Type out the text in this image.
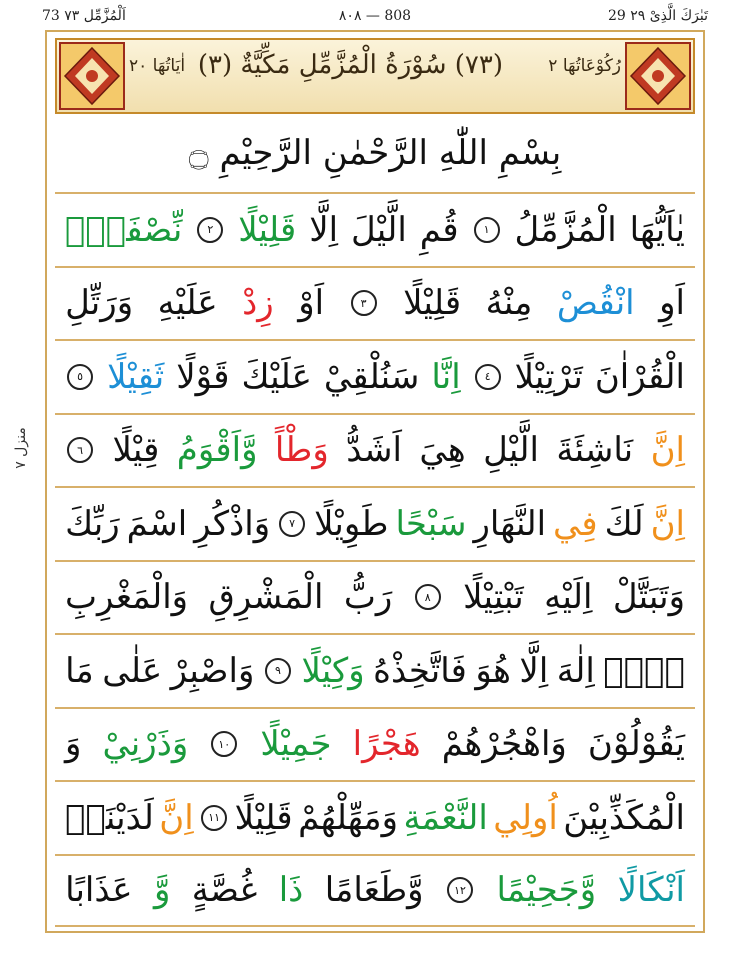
73 اَلْمُزَّمِّل ٧٣	٨٠٨ — 808	29 تَبٰرَكَ الَّذِیْ ٢٩
منزل ٧
اٰیَاتُهَا ٢٠ (٧٣) سُوْرَةُ الْمُزَّمِّلِ مَكِّیَّةٌ (٣)	رُكُوْعَاتُهَا ٢
بِسْمِ اللّٰهِ الرَّحْمٰنِ الرَّحِیْمِ ۝
يٰاَيُّهَا
الْمُزَّمِّلُ
١
قُمِ
الَّيْلَ
اِلَّا
قَلِيْلًا
٢
نِّصْفَهٗۤ
اَوِ
انْقُصْ
مِنْهُ
قَلِيْلًا
٣
اَوْ
زِدْ
عَلَيْهِ
وَرَتِّلِ
الْقُرْاٰنَ
تَرْتِيْلًا
٤
اِنَّا
سَنُلْقِيْ
عَلَيْكَ
قَوْلًا
ثَقِيْلًا
٥
اِنَّ
نَاشِئَةَ
الَّيْلِ
هِيَ
اَشَدُّ
وَطْاً
وَّاَقْوَمُ
قِيْلًا
٦
اِنَّ
لَكَ
فِي
النَّهَارِ
سَبْحًا
طَوِيْلًا
٧
وَاذْكُرِ
اسْمَ
رَبِّكَ
وَتَبَتَّلْ
اِلَيْهِ
تَبْتِيْلًا
٨
رَبُّ
الْمَشْرِقِ
وَالْمَغْرِبِ
لَاۤ
اِلٰهَ
اِلَّا
هُوَ
فَاتَّخِذْهُ
وَكِيْلًا
٩
وَاصْبِرْ
عَلٰى
مَا
يَقُوْلُوْنَ
وَاهْجُرْهُمْ
هَجْرًا
جَمِيْلًا
١٠
وَذَرْنِيْ
وَ
الْمُكَذِّبِيْنَ
اُولِي
النَّعْمَةِ
وَمَهِّلْهُمْ
قَلِيْلًا
١١
اِنَّ
لَدَيْنَاۤ
اَنْكَالًا
وَّجَحِيْمًا
١٢
وَّطَعَامًا
ذَا
غُصَّةٍ
وَّ
عَذَابًا
